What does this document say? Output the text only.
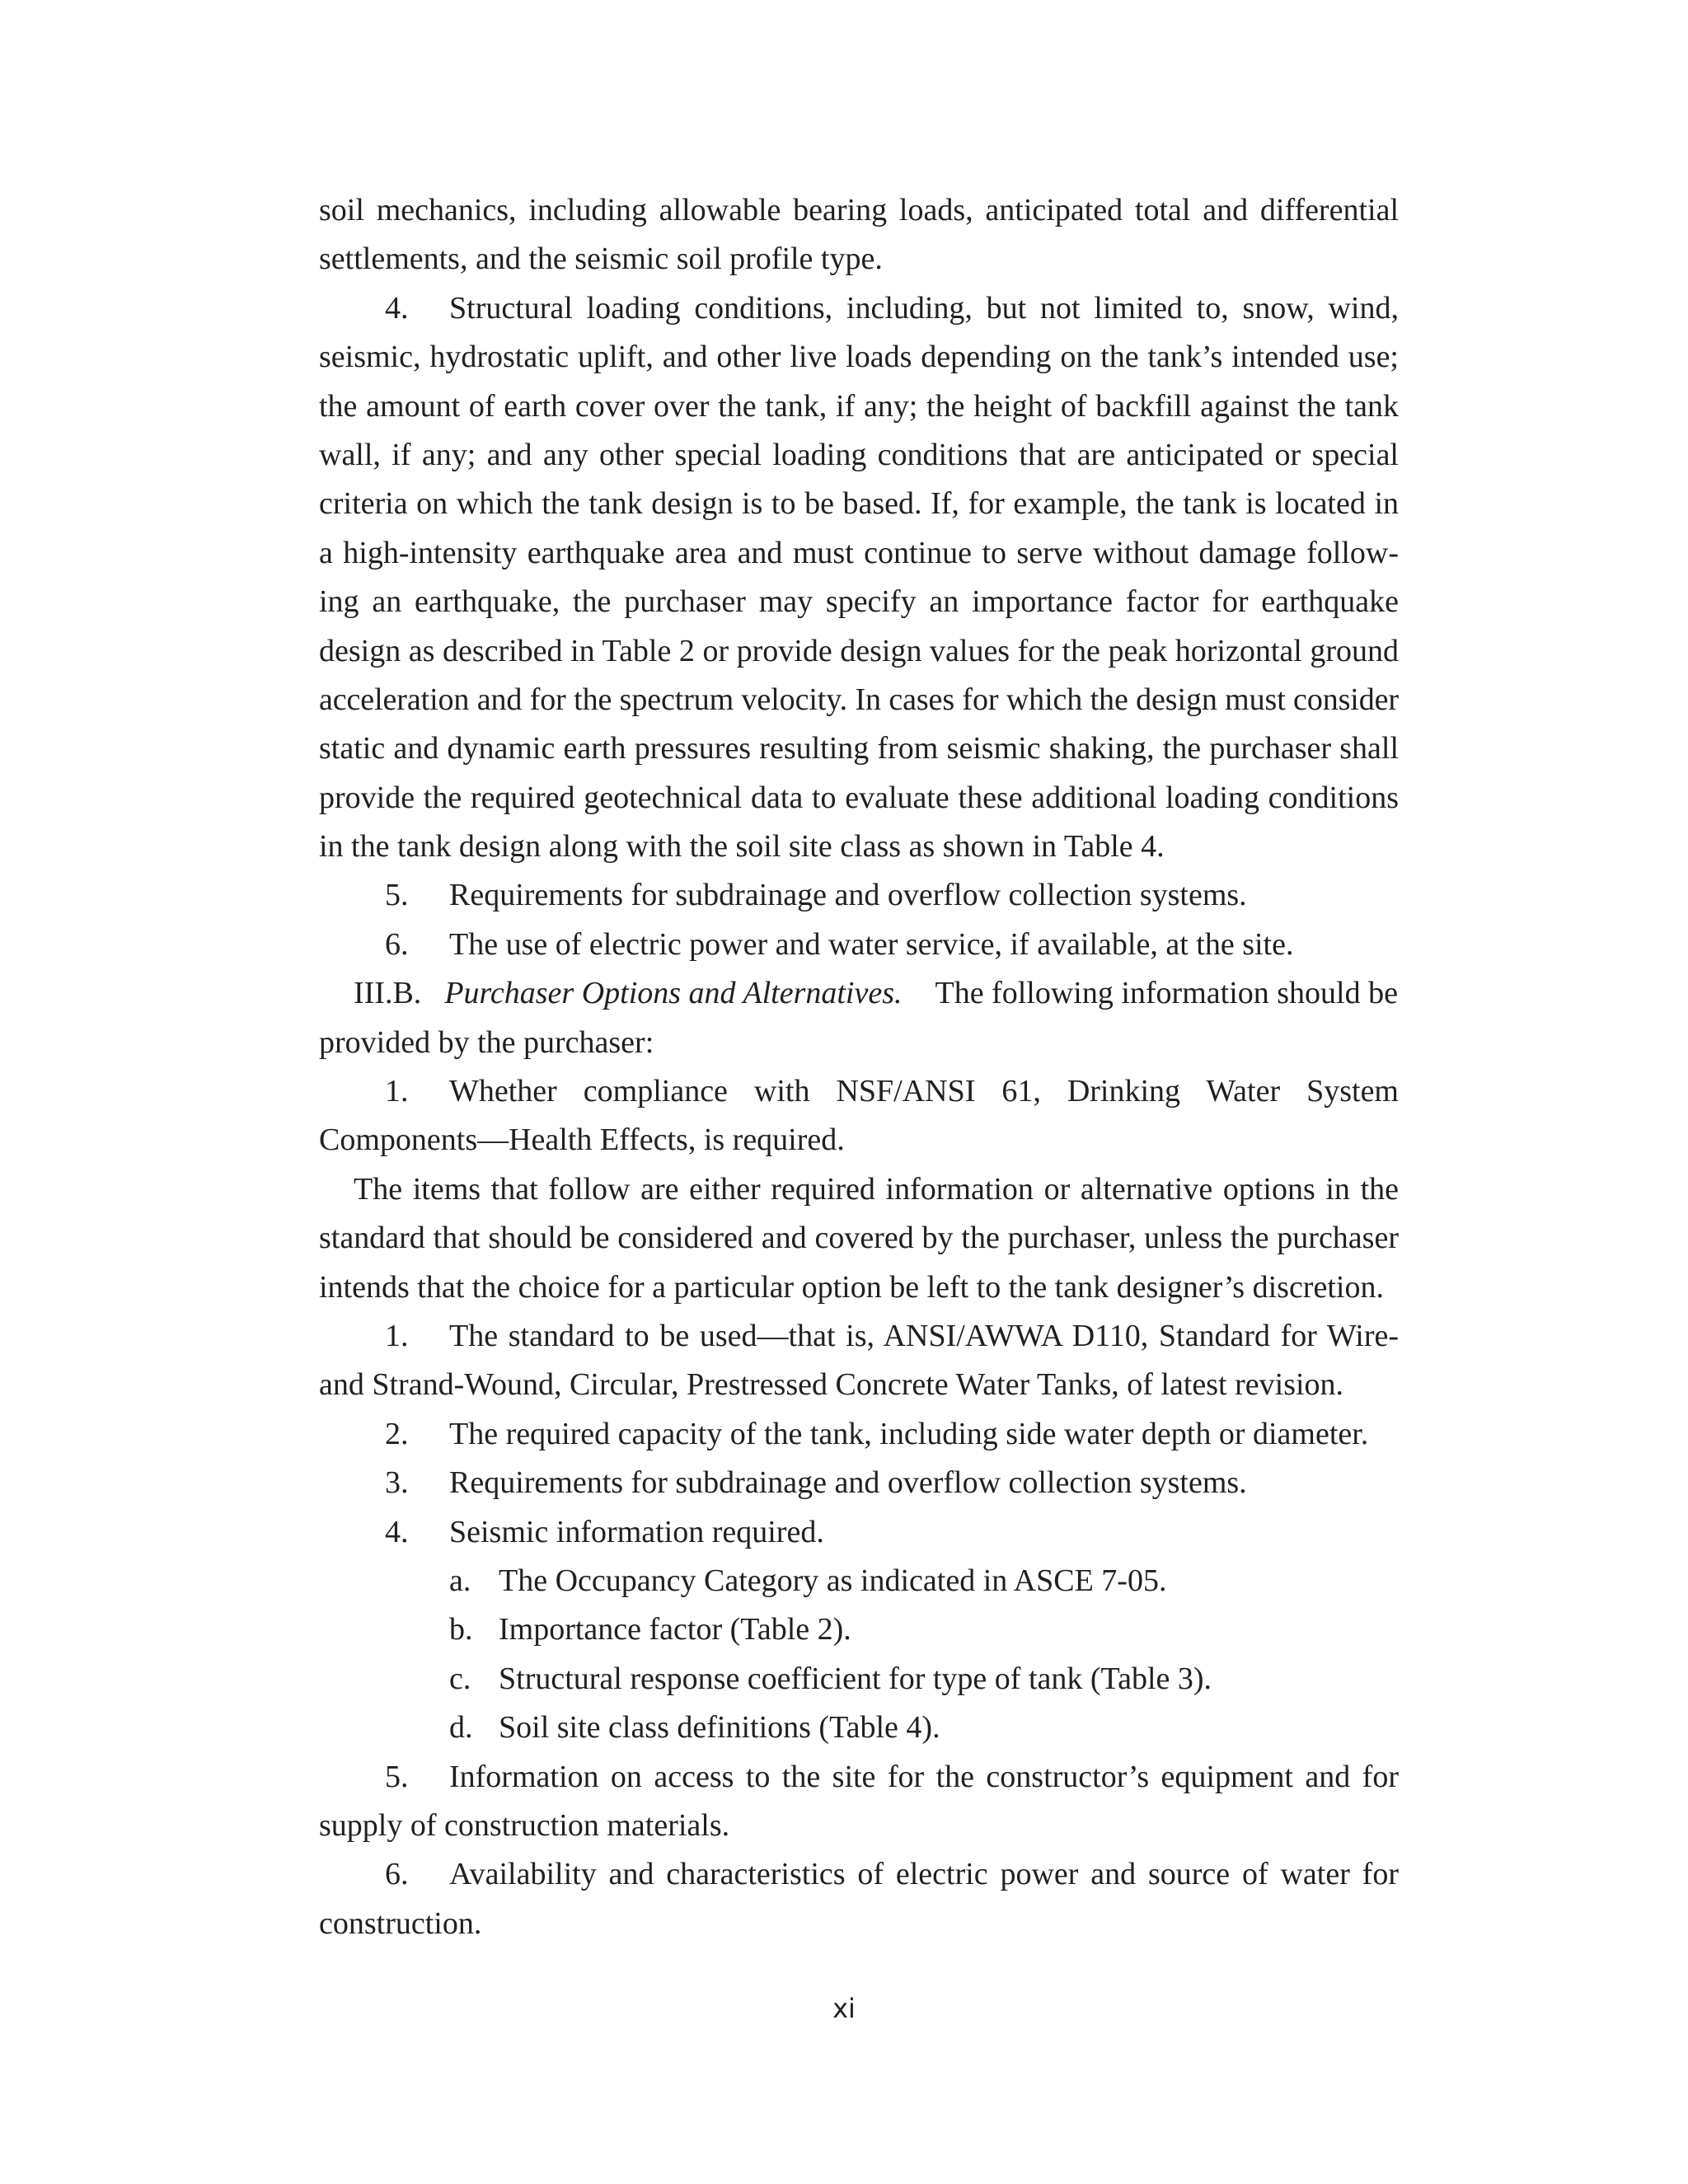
soil mechanics, including allowable bearing loads, anticipated total and differential
settlements, and the seismic soil profile type.
4. Structural loading conditions, including, but not limited to, snow, wind,
seismic, hydrostatic uplift, and other live loads depending on the tank’s intended use;
the amount of earth cover over the tank, if any; the height of backfill against the tank
wall, if any; and any other special loading conditions that are anticipated or special
criteria on which the tank design is to be based. If, for example, the tank is located in
a high-intensity earthquake area and must continue to serve without damage follow-
ing an earthquake, the purchaser may specify an importance factor for earthquake
design as described in Table 2 or provide design values for the peak horizontal ground
acceleration and for the spectrum velocity. In cases for which the design must consider
static and dynamic earth pressures resulting from seismic shaking, the purchaser shall
provide the required geotechnical data to evaluate these additional loading conditions
in the tank design along with the soil site class as shown in Table 4.
5. Requirements for subdrainage and overflow collection systems.
6. The use of electric power and water service, if available, at the site.
III.B. Purchaser Options and Alternatives. The following information should be
provided by the purchaser:
1. Whether compliance with NSF/ANSI 61, Drinking Water System
Components—Health Effects, is required.
The items that follow are either required information or alternative options in the
standard that should be considered and covered by the purchaser, unless the purchaser
intends that the choice for a particular option be left to the tank designer’s discretion.
1. The standard to be used—that is, ANSI/AWWA D110, Standard for Wire-
and Strand-Wound, Circular, Prestressed Concrete Water Tanks, of latest revision.
2. The required capacity of the tank, including side water depth or diameter.
3. Requirements for subdrainage and overflow collection systems.
4. Seismic information required.
a. The Occupancy Category as indicated in ASCE 7-05.
b. Importance factor (Table 2).
c. Structural response coefficient for type of tank (Table 3).
d. Soil site class definitions (Table 4).
5. Information on access to the site for the constructor’s equipment and for
supply of construction materials.
6. Availability and characteristics of electric power and source of water for
construction.
xi
